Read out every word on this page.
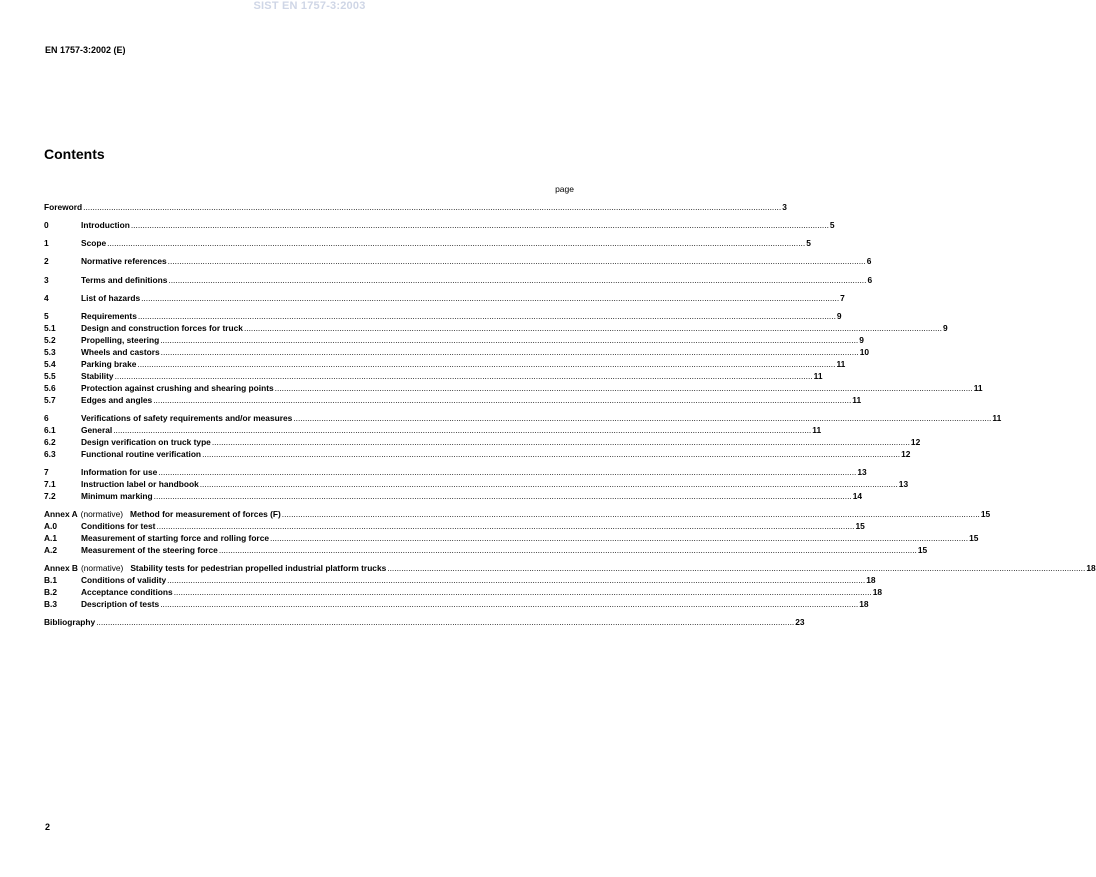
SIST EN 1757-3:2003
EN 1757-3:2002 (E)
Contents
page
Foreword ............................................................................................................................................................................................................................................................................................................ 3
0	Introduction ............................................................................................................................................................................................................................................................................................................ 5
1	Scope ............................................................................................................................................................................................................................................................................................................ 5
2	Normative references ............................................................................................................................................................................................................................................................................................................ 6
3	Terms and definitions ............................................................................................................................................................................................................................................................................................................ 6
4	List of hazards ............................................................................................................................................................................................................................................................................................................ 7
5	Requirements ............................................................................................................................................................................................................................................................................................................ 9
5.1	Design and construction forces for truck ............................................................................................................................................................................................................................................................................................................ 9
5.2	Propelling, steering ............................................................................................................................................................................................................................................................................................................ 9
5.3	Wheels and castors ............................................................................................................................................................................................................................................................................................................ 10
5.4	Parking brake ............................................................................................................................................................................................................................................................................................................ 11
5.5	Stability ............................................................................................................................................................................................................................................................................................................ 11
5.6	Protection against crushing and shearing points ............................................................................................................................................................................................................................................................................................................ 11
5.7	Edges and angles ............................................................................................................................................................................................................................................................................................................ 11
6	Verifications of safety requirements and/or measures ............................................................................................................................................................................................................................................................................................................ 11
6.1	General ............................................................................................................................................................................................................................................................................................................ 11
6.2	Design verification on truck type ............................................................................................................................................................................................................................................................................................................ 12
6.3	Functional routine verification ............................................................................................................................................................................................................................................................................................................ 12
7	Information for use ............................................................................................................................................................................................................................................................................................................ 13
7.1	Instruction label or handbook ............................................................................................................................................................................................................................................................................................................ 13
7.2	Minimum marking ............................................................................................................................................................................................................................................................................................................ 14
Annex A (normative) Method for measurement of forces (F) ............................................................................................................................................................................................................................................................................................................ 15
A.0	Conditions for test ............................................................................................................................................................................................................................................................................................................ 15
A.1	Measurement of starting force and rolling force ............................................................................................................................................................................................................................................................................................................ 15
A.2	Measurement of the steering force ............................................................................................................................................................................................................................................................................................................ 15
Annex B (normative) Stability tests for pedestrian propelled industrial platform trucks ............................................................................................................................................................................................................................................................................................................ 18
B.1	Conditions of validity ............................................................................................................................................................................................................................................................................................................ 18
B.2	Acceptance conditions ............................................................................................................................................................................................................................................................................................................ 18
B.3	Description of tests ............................................................................................................................................................................................................................................................................................................ 18
Bibliography ............................................................................................................................................................................................................................................................................................................ 23
2
